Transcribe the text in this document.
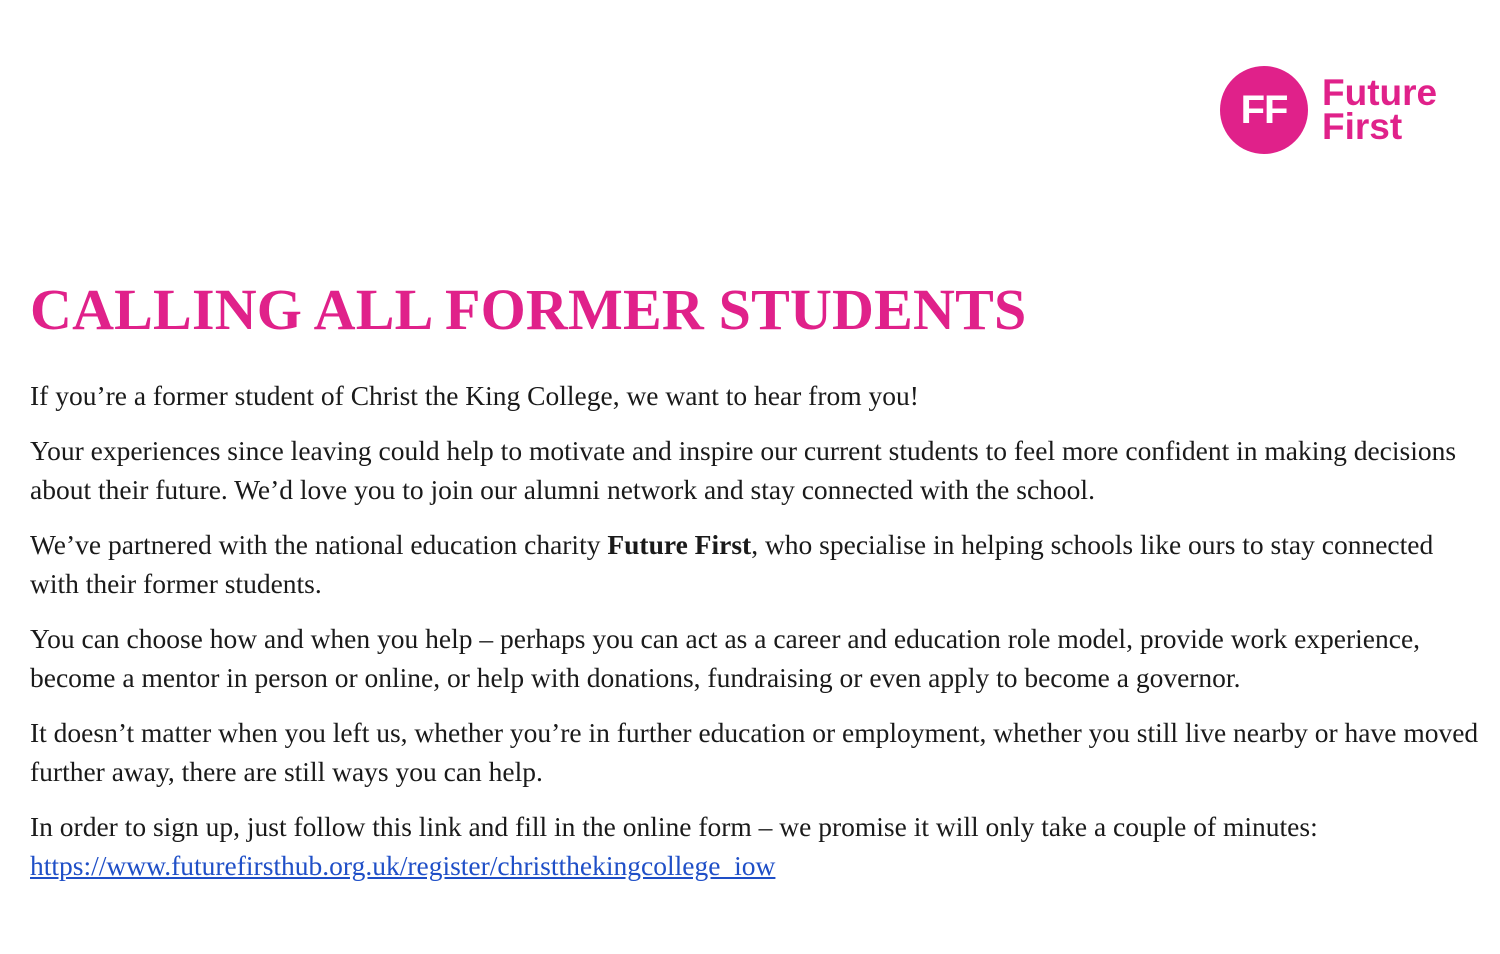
FF Future
First
CALLING ALL FORMER STUDENTS

If you’re a former student of Christ the King College, we want to hear from you!

Your experiences since leaving could help to motivate and inspire our current students to feel more confident in making decisions about their future. We’d love you to join our alumni network and stay connected with the school.

We’ve partnered with the national education charity Future First, who specialise in helping schools like ours to stay connected with their former students.

You can choose how and when you help – perhaps you can act as a career and education role model, provide work experience, become a mentor in person or online, or help with donations, fundraising or even apply to become a governor.

It doesn’t matter when you left us, whether you’re in further education or employment, whether you still live nearby or have moved further away, there are still ways you can help.

In order to sign up, just follow this link and fill in the online form – we promise it will only take a couple of minutes:
https://www.futurefirsthub.org.uk/register/christthekingcollege_iow
